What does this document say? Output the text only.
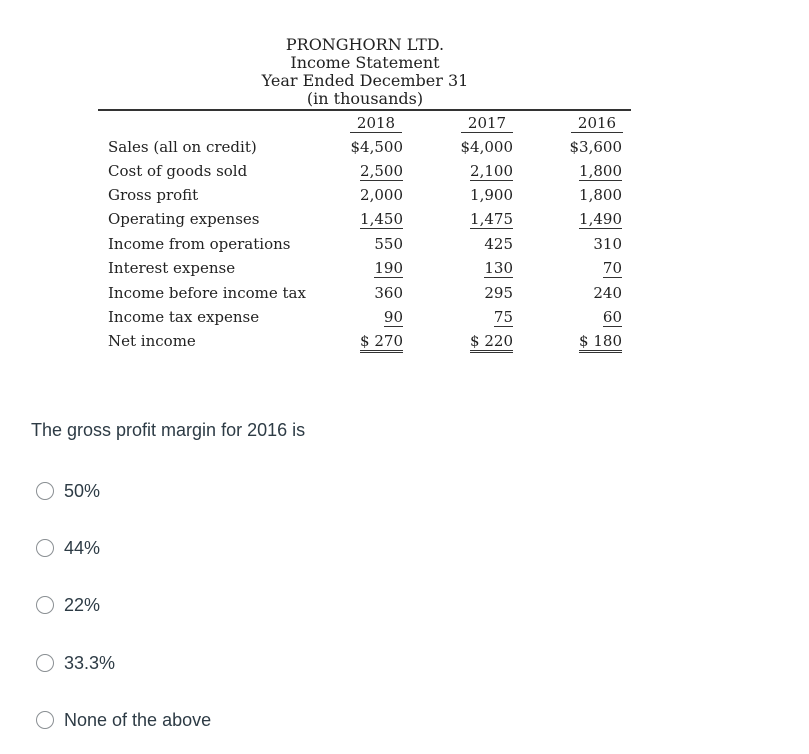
PRONGHORN LTD.
Income Statement
Year Ended December 31
(in thousands)
2018	2017	2016
Sales (all on credit)
Cost of goods sold
Gross profit
Operating expenses
Income from operations
Interest expense
Income before income tax
Income tax expense
Net income
$4,500
2,500
2,000
1,450
550
190
360
90
$ 270
$4,000
2,100
1,900
1,475
425
130
295
75
$ 220
$3,600
1,800
1,800
1,490
310
70
240
60
$ 180
The gross profit margin for 2016 is
50%
44%
22%
33.3%
None of the above
